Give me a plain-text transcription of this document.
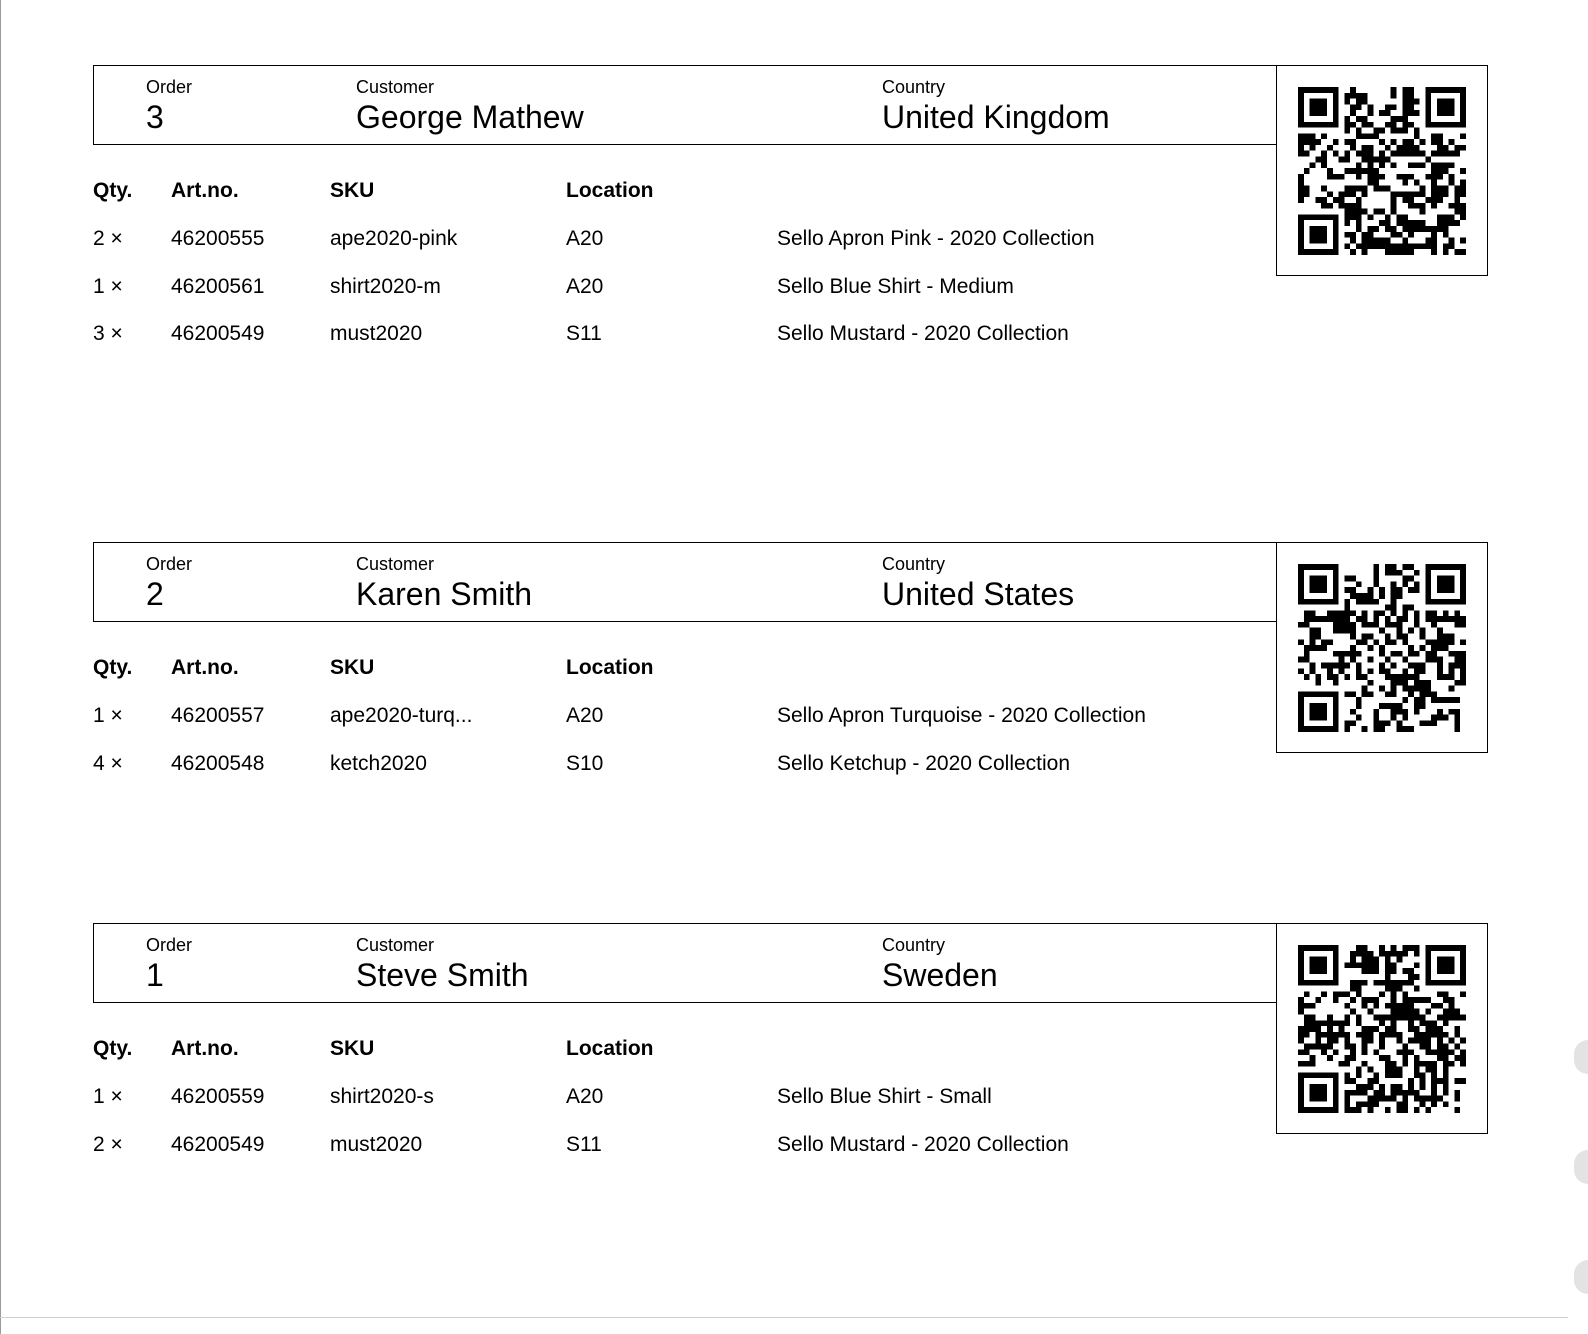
Order
3
Customer
George Mathew
Country
United Kingdom
Qty. Art.no.	SKU	Location
2 × 46200555	ape2020-pink	A20	Sello Apron Pink - 2020 Collection
1 × 46200561	shirt2020-m	A20	Sello Blue Shirt - Medium
3 × 46200549	must2020	S11	Sello Mustard - 2020 Collection
Order
2
Customer
Karen Smith
Country
United States
Qty. Art.no.	SKU	Location
1 × 46200557	ape2020-turq...	A20	Sello Apron Turquoise - 2020 Collection
4 × 46200548	ketch2020	S10	Sello Ketchup - 2020 Collection
Order
1
Customer
Steve Smith
Country
Sweden
Qty. Art.no.	SKU	Location
1 × 46200559	shirt2020-s	A20	Sello Blue Shirt - Small
2 × 46200549	must2020	S11	Sello Mustard - 2020 Collection
